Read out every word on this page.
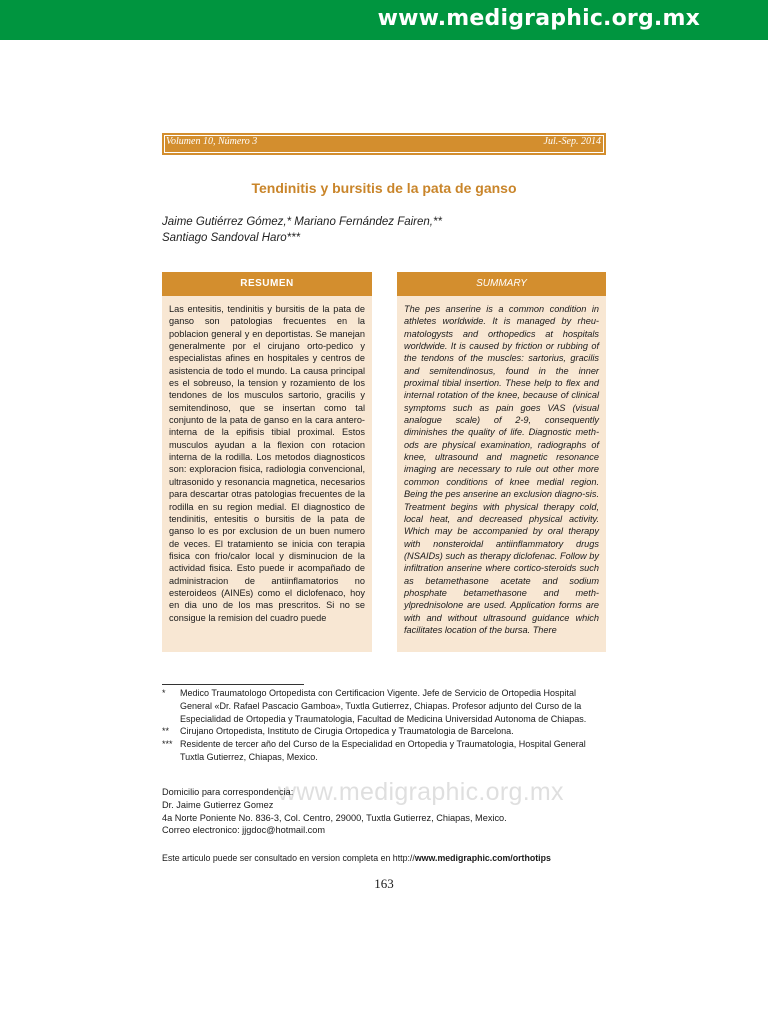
www.medigraphic.org.mx
Volumen 10, Número 3	Jul.-Sep. 2014
Tendinitis y bursitis de la pata de ganso
Jaime Gutiérrez Gómez,* Mariano Fernández Fairen,**
Santiago Sandoval Haro***
RESUMEN
Las entesitis, tendinitis y bursitis de la pata de ganso son patologias frecuentes en la poblacion general y en deportistas. Se manejan generalmente por el cirujano orto-pedico y especialistas afines en hospitales y centros de asistencia de todo el mundo. La causa principal es el sobreuso, la tension y rozamiento de los tendones de los musculos sartorio, gracilis y semitendinoso, que se insertan como tal conjunto de la pata de ganso en la cara antero-interna de la epifisis tibial proximal. Estos musculos ayudan a la flexion con rotacion interna de la rodilla. Los metodos diagnosticos son: exploracion fisica, radiologia convencional, ultrasonido y resonancia magnetica, necesarios para descartar otras patologias frecuentes de la rodilla en su region medial. El diagnostico de tendinitis, entesitis o bursitis de la pata de ganso lo es por exclusion de un buen numero de veces. El tratamiento se inicia con terapia fisica con frio/calor local y disminucion de la actividad fisica. Esto puede ir acompañado de administracion de antiinflamatorios no esteroideos (AINEs) como el diclofenaco, hoy en dia uno de los mas prescritos. Si no se consigue la remision del cuadro puede
SUMMARY
The pes anserine is a common condition in athletes worldwide. It is managed by rheu-matologysts and orthopedics at hospitals worldwide. It is caused by friction or rubbing of the tendons of the muscles: sartorius, gracilis and semitendinosus, found in the inner proximal tibial insertion. These help to flex and internal rotation of the knee, because of clinical symptoms such as pain goes VAS (visual analogue scale) of 2-9, consequently diminishes the quality of life. Diagnostic meth-ods are physical examination, radiographs of knee, ultrasound and magnetic resonance imaging are necessary to rule out other more common conditions of knee medial region. Being the pes anserine an exclusion diagno-sis. Treatment begins with physical therapy cold, local heat, and decreased physical activity. Which may be accompanied by oral therapy with nonsteroidal antiinflammatory drugs (NSAIDs) such as therapy diclofenac. Follow by infiltration anserine where cortico-steroids such as betamethasone acetate and sodium phosphate betamethasone and meth-ylprednisolone are used. Application forms are with and without ultrasound guidance which facilitates location of the bursa. There
* Medico Traumatologo Ortopedista con Certificacion Vigente. Jefe de Servicio de Ortopedia Hospital General «Dr. Rafael Pascacio Gamboa», Tuxtla Gutierrez, Chiapas. Profesor adjunto del Curso de la Especialidad de Ortopedia y Traumatologia, Facultad de Medicina Universidad Autonoma de Chiapas.
** Cirujano Ortopedista, Instituto de Cirugia Ortopedica y Traumatologia de Barcelona.
*** Residente de tercer año del Curso de la Especialidad en Ortopedia y Traumatologia, Hospital General Tuxtla Gutierrez, Chiapas, Mexico.
www.medigraphic.org.mx
Domicilio para correspondencia:
Dr. Jaime Gutierrez Gomez
4a Norte Poniente No. 836-3, Col. Centro, 29000, Tuxtla Gutierrez, Chiapas, Mexico.
Correo electronico: jjgdoc@hotmail.com
Este articulo puede ser consultado en version completa en http://www.medigraphic.com/orthotips
163
